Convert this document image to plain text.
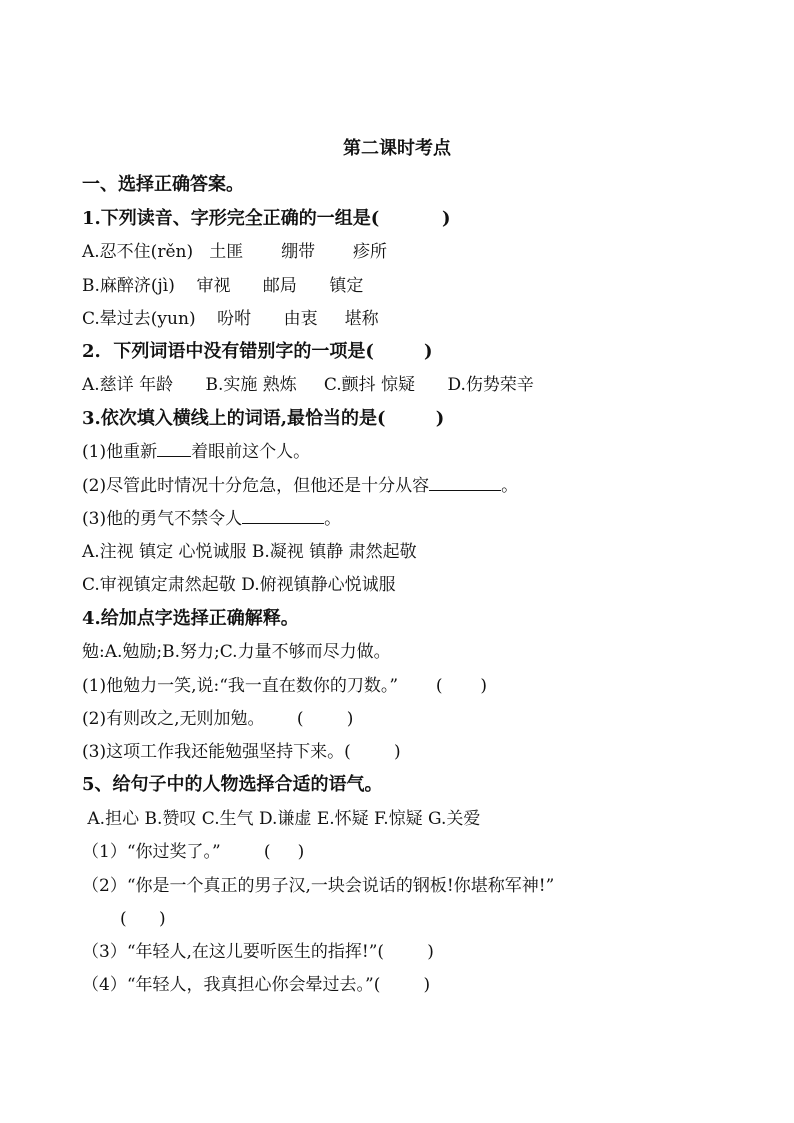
第二课时考点
一、选择正确答案。
1.下列读音、字形完全正确的一组是(          )
A.忍不住(rěn)   土匪       绷带       疹所
B.麻醉济(jì)    审视      邮局      镇定
C.晕过去(yun)    吩咐      由衷     堪称
2.  下列词语中没有错别字的一项是(        )
A.慈详 年龄      B.实施 熟炼     C.颤抖 惊疑      D.伤势荣辛
3.依次填入横线上的词语,最恰当的是(        )
(1)他重新 着眼前这个人。
(2)尽管此时情况十分危急，但他还是十分从容	。
(3)他的勇气不禁令人	。
A.注视 镇定 心悦诚服 B.凝视 镇静 肃然起敬
C.审视镇定肃然起敬 D.俯视镇静心悦诚服
4.给加点字选择正确解释。
勉:A.勉励;B.努力;C.力量不够而尽力做。
(1)他勉力一笑,说:“我一直在数你的刀数。”       (       )
(2)有则改之,无则加勉。      (        )
(3)这项工作我还能勉强坚持下来。(        )
5、给句子中的人物选择合适的语气。
A.担心 B.赞叹 C.生气 D.谦虚 E.怀疑 F.惊疑 G.关爱
（1）“你过奖了。”        (     )
（2）“你是一个真正的男子汉,一块会说话的钢板!你堪称军神!”
(      )
（3）“年轻人,在这儿要听医生的指挥!”(        )
（4）“年轻人，我真担心你会晕过去。”(        )
